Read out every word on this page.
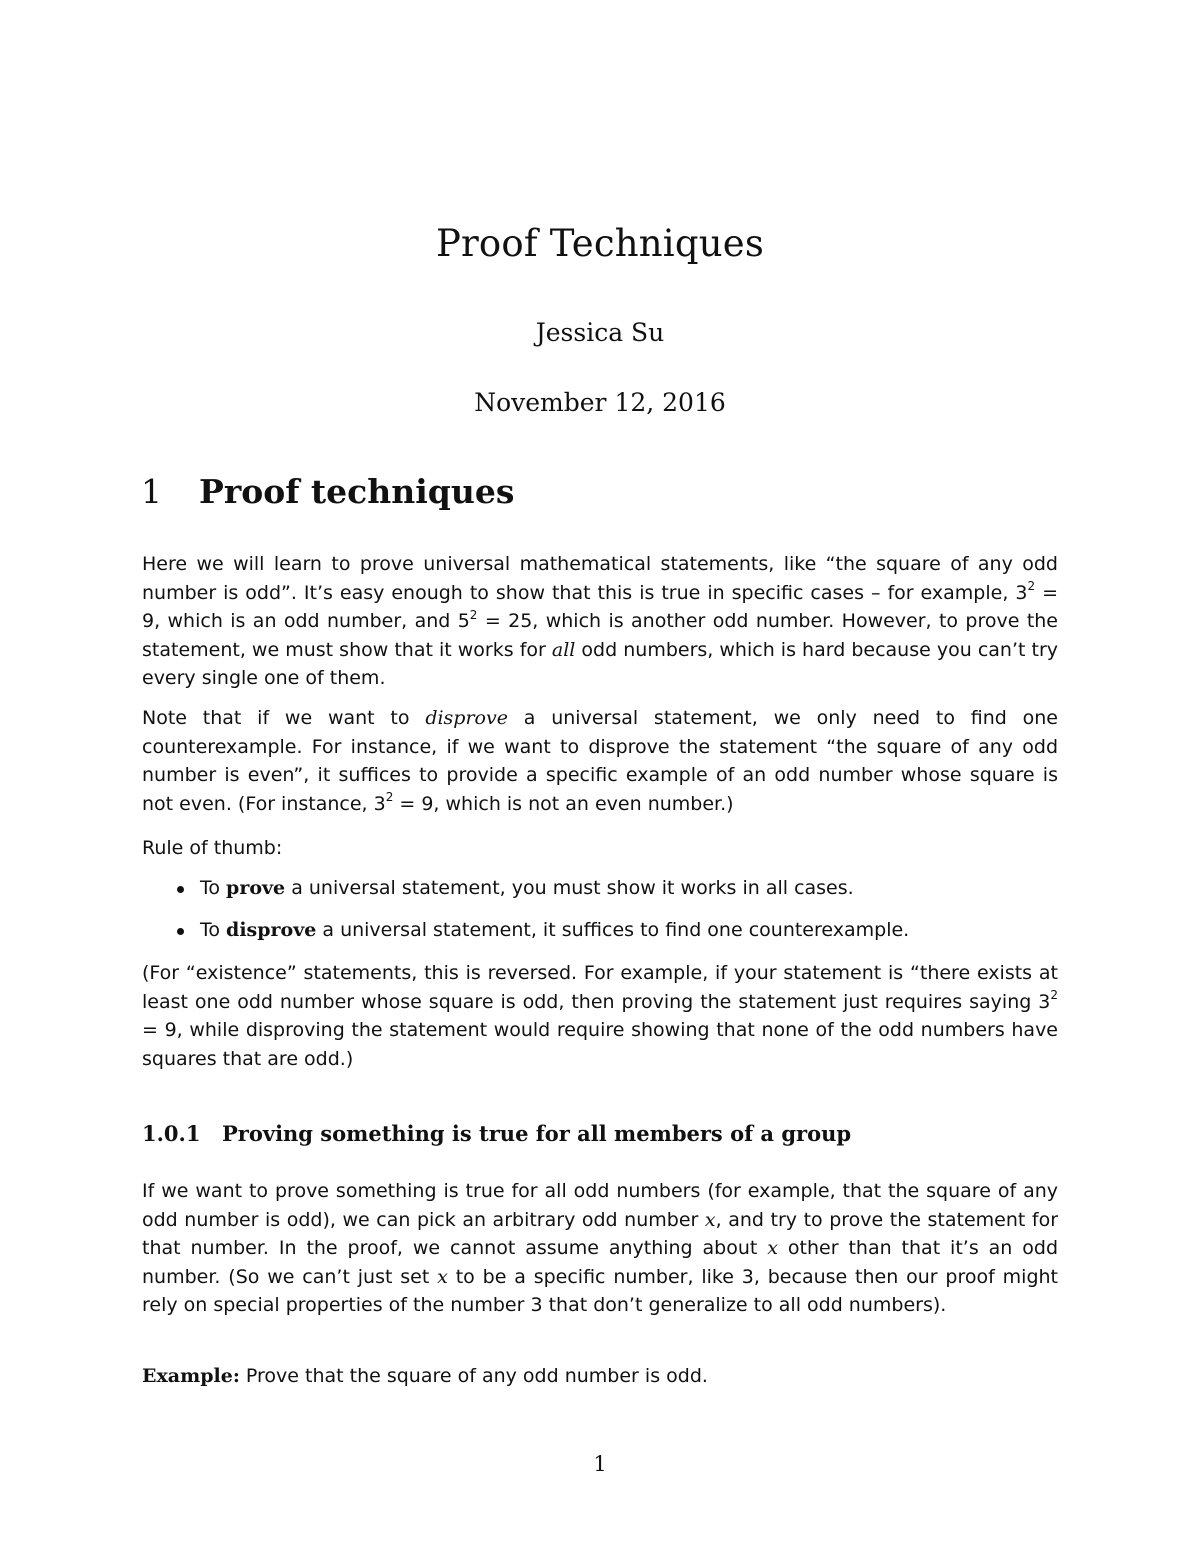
Proof Techniques
Jessica Su
November 12, 2016
1 Proof techniques

Here we will learn to prove universal mathematical statements, like “the square of any odd number is odd”. It’s easy enough to show that this is true in specific cases – for example, $3^2 = 9$, which is an odd number, and $5^2 = 25$, which is another odd number. However, to prove the statement, we must show that it works for all odd numbers, which is hard because you can’t try every single one of them.

Note that if we want to disprove a universal statement, we only need to find one counterexample. For instance, if we want to disprove the statement “the square of any odd number is even”, it suffices to provide a specific example of an odd number whose square is not even. (For instance, $3^2 = 9$, which is not an even number.)

Rule of thumb:

To prove a universal statement, you must show it works in all cases.

To disprove a universal statement, it suffices to find one counterexample.

(For “existence” statements, this is reversed. For example, if your statement is “there exists at least one odd number whose square is odd, then proving the statement just requires saying $3^2 = 9$, while disproving the statement would require showing that none of the odd numbers have squares that are odd.)

1.0.1 Proving something is true for all members of a group

If we want to prove something is true for all odd numbers (for example, that the square of any odd number is odd), we can pick an arbitrary odd number x, and try to prove the statement for that number. In the proof, we cannot assume anything about x other than that it’s an odd number. (So we can’t just set x to be a specific number, like 3, because then our proof might rely on special properties of the number 3 that don’t generalize to all odd numbers).

Example: Prove that the square of any odd number is odd.

1
